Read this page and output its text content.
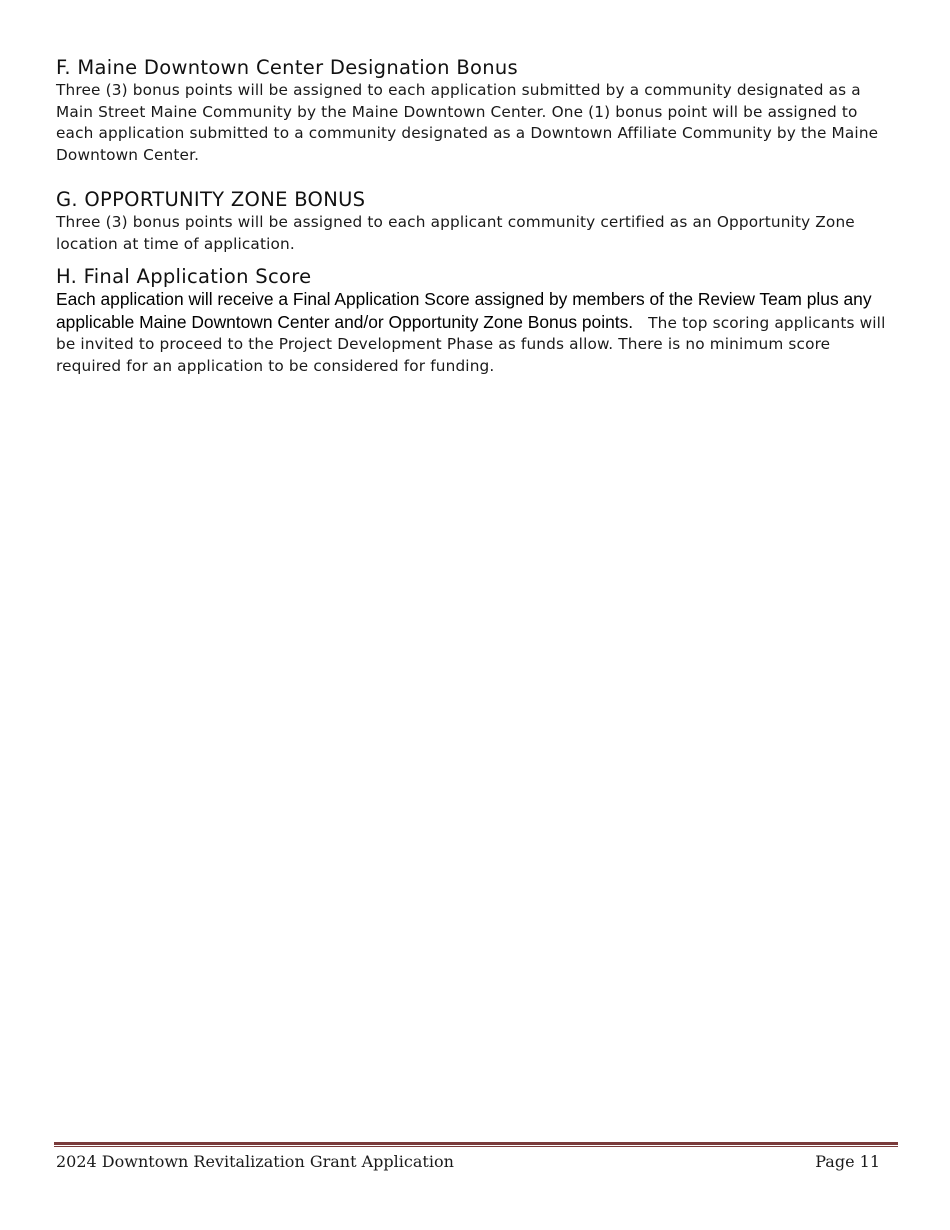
F. Maine Downtown Center Designation Bonus

Three (3) bonus points will be assigned to each application submitted by a community designated as a Main Street Maine Community by the Maine Downtown Center. One (1) bonus point will be assigned to each application submitted to a community designated as a Downtown Affiliate Community by the Maine Downtown Center.

G. OPPORTUNITY ZONE BONUS

Three (3) bonus points will be assigned to each applicant community certified as an Opportunity Zone location at time of application.

H. Final Application Score

Each application will receive a Final Application Score assigned by members of the Review Team plus any applicable Maine Downtown Center and/or Opportunity Zone Bonus points.   The top scoring applicants will be invited to proceed to the Project Development Phase as funds allow. There is no minimum score required for an application to be considered for funding.

2024 Downtown Revitalization Grant Application	Page 11
